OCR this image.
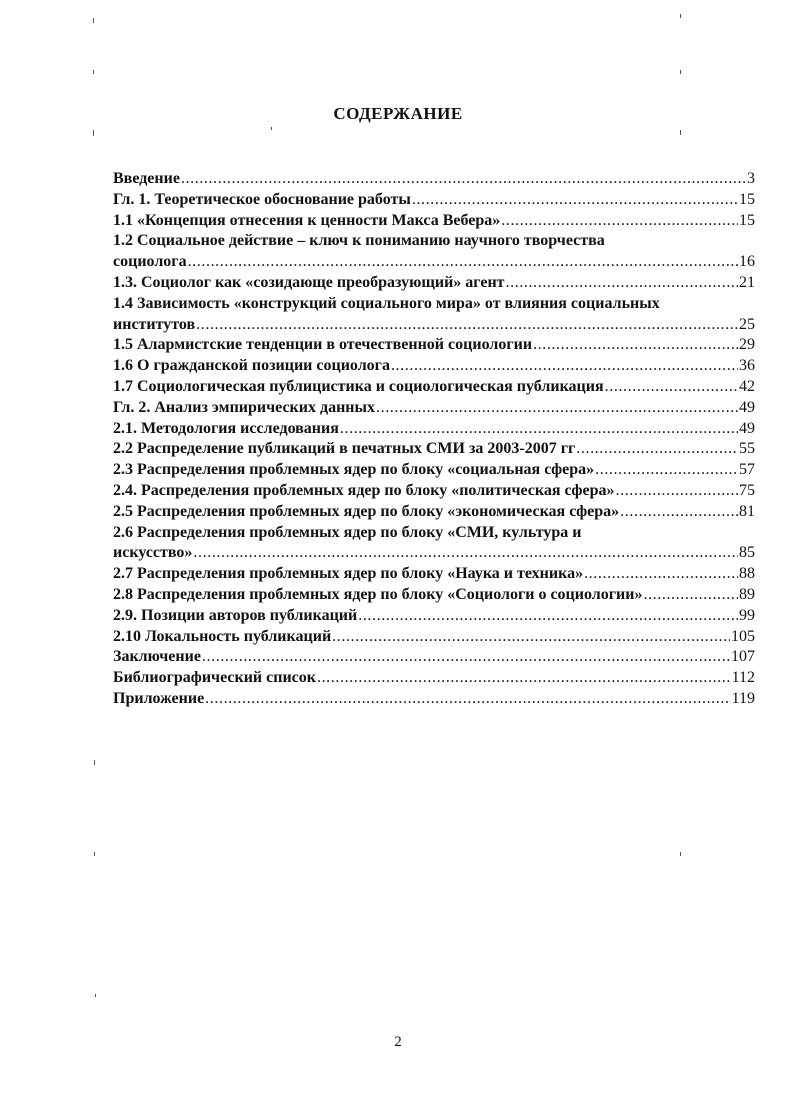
СОДЕРЖАНИЕ
Введение .....	3
Гл. 1. Теоретическое обоснование работы .....	15
1.1 «Концепция отнесения к ценности Макса Вебера» .....	15
1.2 Социальное действие – ключ к пониманию научного творчества
социолога .....	16
1.3. Социолог как «созидающе преобразующий» агент .....	21
1.4 Зависимость «конструкций социального мира» от влияния социальных
институтов .....	25
1.5 Алармистские тенденции в отечественной социологии .....	29
1.6 О гражданской позиции социолога .....	36
1.7 Социологическая публицистика и социологическая публикация .....	42
Гл. 2. Анализ эмпирических данных .....	49
2.1. Методология исследования .....	49
2.2 Распределение публикаций в печатных СМИ за 2003-2007 гг .....	55
2.3 Распределения проблемных ядер по блоку «социальная сфера» .....	57
2.4. Распределения проблемных ядер по блоку «политическая сфера» .....	75
2.5 Распределения проблемных ядер по блоку «экономическая сфера» .....	81
2.6 Распределения проблемных ядер по блоку «СМИ, культура и
искусство» .....	85
2.7 Распределения проблемных ядер по блоку «Наука и техника» .....	88
2.8 Распределения проблемных ядер по блоку «Социологи о социологии» .....	89
2.9. Позиции авторов публикаций .....	99
2.10 Локальность публикаций .....	105
Заключение .....	107
Библиографический список .....	112
Приложение .....	119
2
